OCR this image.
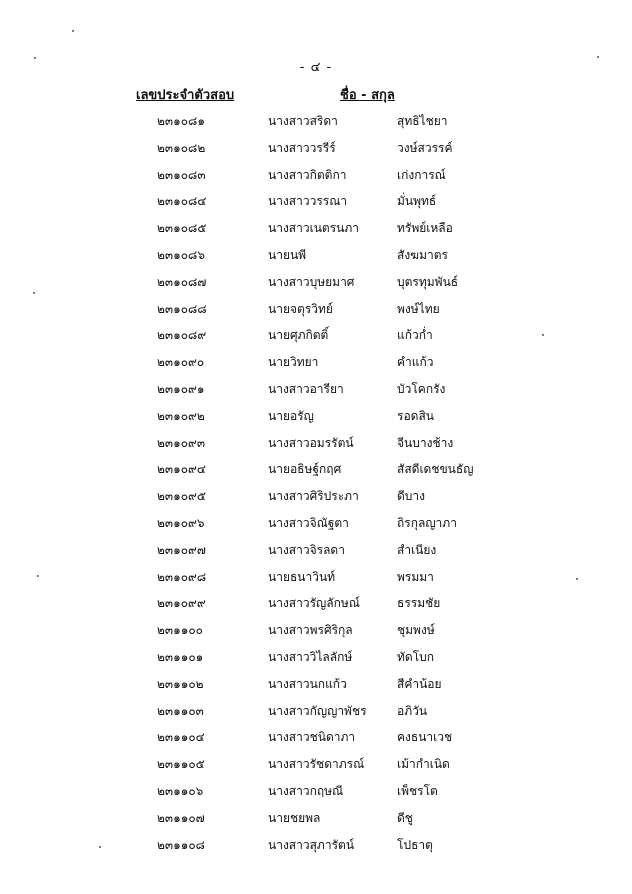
- ๔ -
เลขประจำตัวสอบ	ชื่อ - สกุล
๒๓๑๐๘๑	นางสาวสริดา	สุทธิไชยา
๒๓๑๐๘๒	นางสาววรรีร์	วงษ์สวรรค์
๒๓๑๐๘๓	นางสาวกิตติกา	เก่งการณ์
๒๓๑๐๘๔	นางสาววรรณา	มั่นพุทธ์
๒๓๑๐๘๕	นางสาวเนตรนภา	ทรัพย์เหลือ
๒๓๑๐๘๖	นายนพี	สังฆมาตร
๒๓๑๐๘๗	นางสาวบุษยมาศ	บุตรทุมพันธ์
๒๓๑๐๘๘	นายจตุรวิทย์	พงษ์ไทย
๒๓๑๐๘๙	นายศุภกิตติ์	แก้วก่ำ
๒๓๑๐๙๐	นายวิทยา	คำแก้ว
๒๓๑๐๙๑	นางสาวอารียา	บัวโคกรัง
๒๓๑๐๙๒	นายอรัญ	รอดสิน
๒๓๑๐๙๓	นางสาวอมรรัตน์	จีนบางช้าง
๒๓๑๐๙๔	นายอธิษฐ์กฤศ	สัสดีเดชขนธัญ
๒๓๑๐๙๕	นางสาวศิริประภา	ดีบาง
๒๓๑๐๙๖	นางสาวจิณัฐตา	ถิรกุลญาภา
๒๓๑๐๙๗	นางสาวจิรลดา	สำเนียง
๒๓๑๐๙๘	นายธนาวินท์	พรมมา
๒๓๑๐๙๙	นางสาวรัญลักษณ์	ธรรมชัย
๒๓๑๑๐๐	นางสาวพรศิริกุล	ชุมพงษ์
๒๓๑๑๐๑	นางสาววิไลลักษ์	ทัดโบก
๒๓๑๑๐๒	นางสาวนกแก้ว	สีคำน้อย
๒๓๑๑๐๓	นางสาวกัญญาพัชร	อภิวัน
๒๓๑๑๐๔	นางสาวชนิดาภา	คงธนาเวช
๒๓๑๑๐๕	นางสาวรัชดาภรณ์	เม้ากำเนิด
๒๓๑๑๐๖	นางสาวกฤษณี	เพ็ชรโต
๒๓๑๑๐๗	นายชยพล	ดีชู
๒๓๑๑๐๘	นางสาวสุภารัตน์	โปธาตุ
